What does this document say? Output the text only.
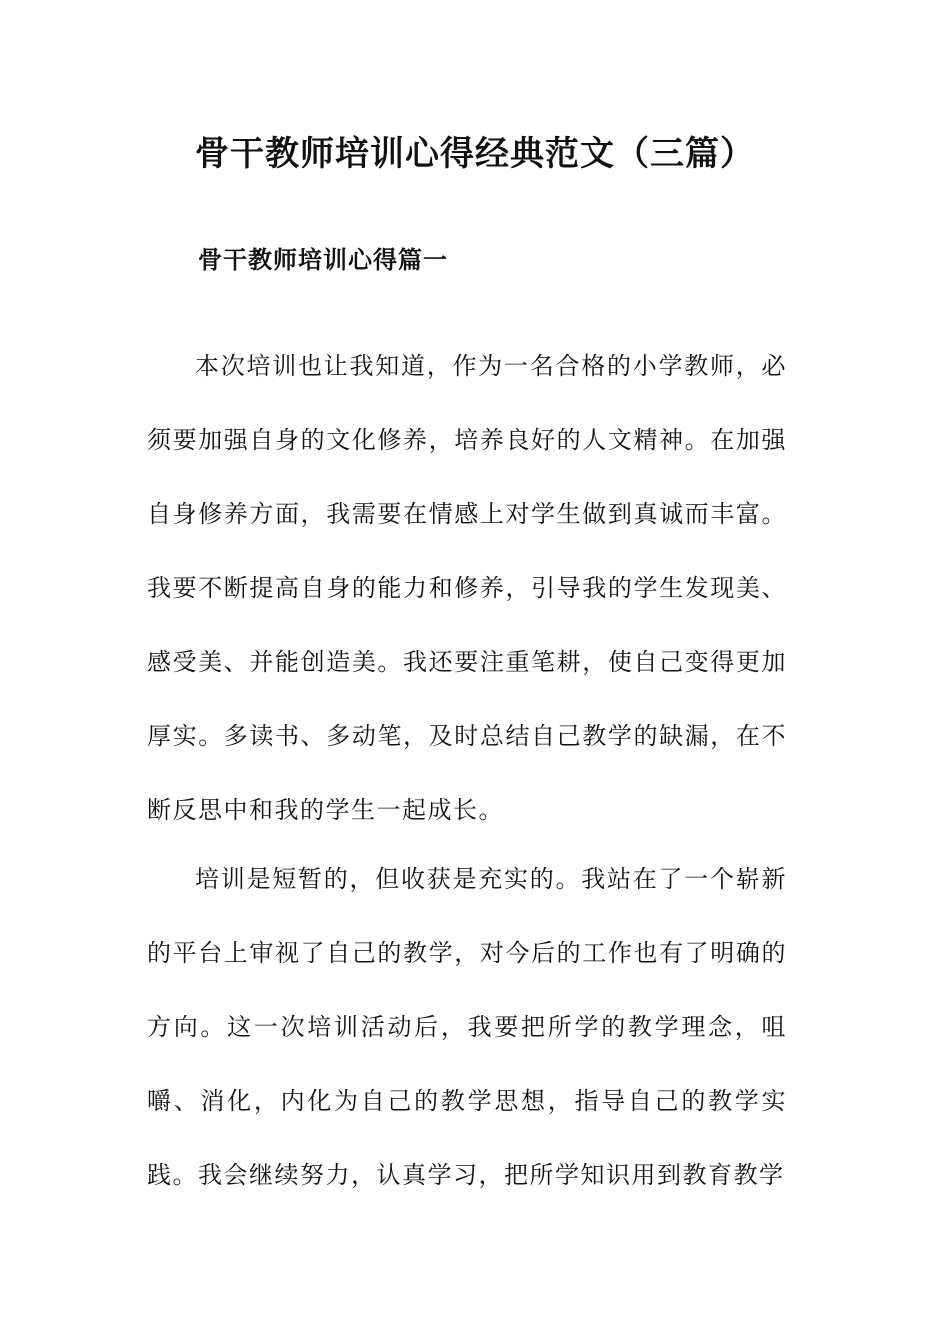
骨干教师培训心得经典范文（三篇）
骨干教师培训心得篇一

本次培训也让我知道，作为一名合格的小学教师，必须要加强自身的文化修养，培养良好的人文精神。在加强自身修养方面，我需要在情感上对学生做到真诚而丰富。我要不断提高自身的能力和修养，引导我的学生发现美、感受美、并能创造美。我还要注重笔耕，使自己变得更加厚实。多读书、多动笔，及时总结自己教学的缺漏，在不断反思中和我的学生一起成长。

培训是短暂的，但收获是充实的。我站在了一个崭新的平台上审视了自己的教学，对今后的工作也有了明确的方向。这一次培训活动后，我要把所学的教学理念，咀嚼、消化，内化为自己的教学思想，指导自己的教学实践。我会继续努力，认真学习，把所学知识用到教育教学
